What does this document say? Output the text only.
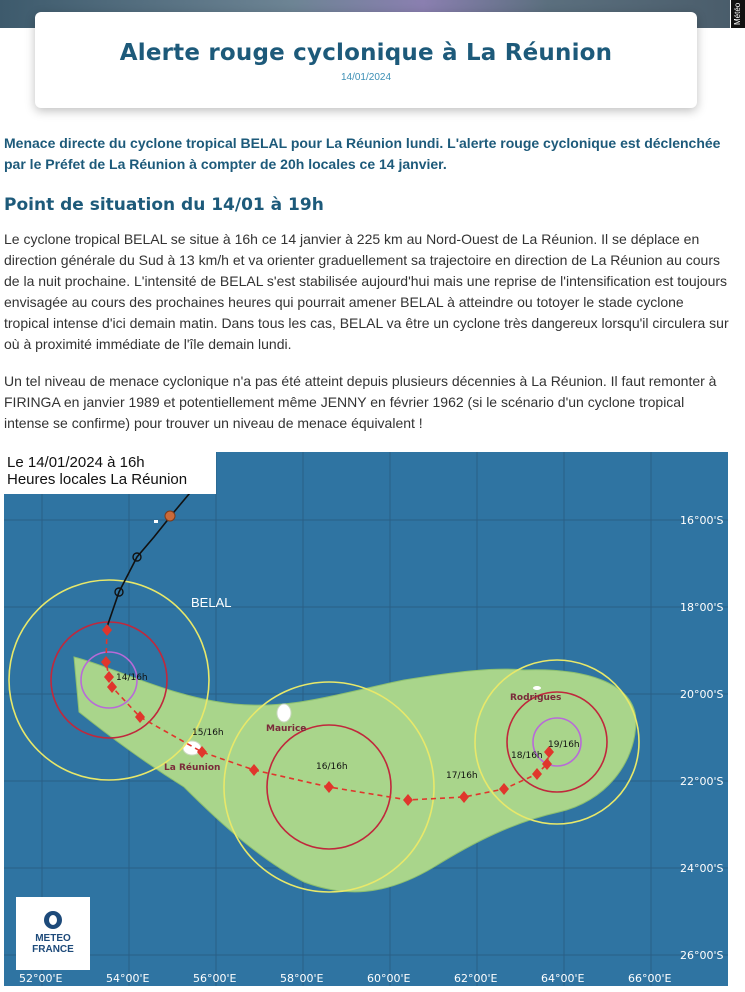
Météo
Alerte rouge cyclonique à La Réunion
14/01/2024
Menace directe du cyclone tropical BELAL pour La Réunion lundi. L'alerte rouge cyclonique est déclenchée par le Préfet de La Réunion à compter de 20h locales ce 14 janvier.
Point de situation du 14/01 à 19h
Le cyclone tropical BELAL se situe à 16h ce 14 janvier à 225 km au Nord-Ouest de La Réunion. Il se déplace en direction générale du Sud à 13 km/h et va orienter graduellement sa trajectoire en direction de La Réunion au cours de la nuit prochaine. L'intensité de BELAL s'est stabilisée aujourd'hui mais une reprise de l'intensification est toujours envisagée au cours des prochaines heures qui pourrait amener BELAL à atteindre ou totoyer le stade cyclone tropical intense d'ici demain matin. Dans tous les cas, BELAL va être un cyclone très dangereux lorsqu'il circulera sur où à proximité immédiate de l'île demain lundi.
Un tel niveau de menace cyclonique n'a pas été atteint depuis plusieurs décennies à La Réunion. Il faut remonter à FIRINGA en janvier 1989 et potentiellement même JENNY en février 1962 (si le scénario d'un cyclone tropical intense se confirme) pour trouver un niveau de menace équivalent !
BELAL
La Réunion
Maurice
Rodrigues
14/16h
15/16h
16/16h
17/16h
18/16h
19/16h
16°00'S
18°00'S
20°00'S
22°00'S
24°00'S
26°00'S
52°00'E	54°00'E	56°00'E	58°00'E	60°00'E	62°00'E	64°00'E	66°00'E
Le 14/01/2024 à 16h
Heures locales La Réunion
METEO
FRANCE
